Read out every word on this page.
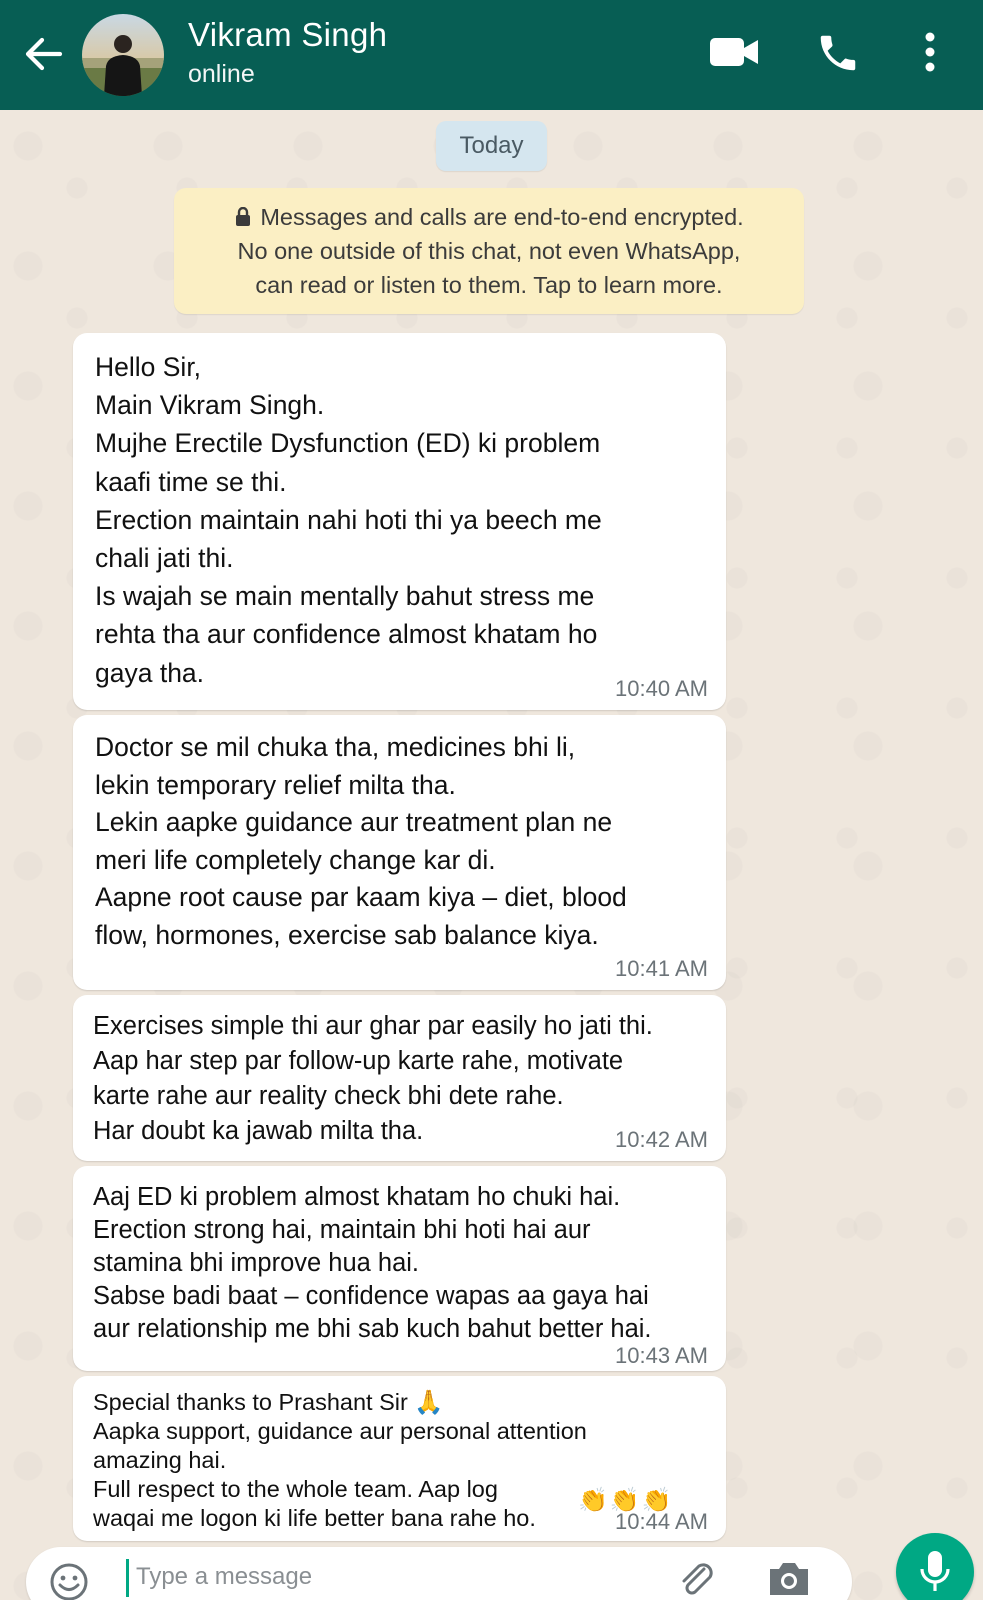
Vikram Singh
online
Today
Messages and calls are end-to-end encrypted.
No one outside of this chat, not even WhatsApp,
can read or listen to them. Tap to learn more.
Hello Sir,
Main Vikram Singh.
Mujhe Erectile Dysfunction (ED) ki problem
kaafi time se thi.
Erection maintain nahi hoti thi ya beech me
chali jati thi.
Is wajah se main mentally bahut stress me
rehta tha aur confidence almost khatam ho
gaya tha.
10:40 AM
Doctor se mil chuka tha, medicines bhi li,
lekin temporary relief milta tha.
Lekin aapke guidance aur treatment plan ne
meri life completely change kar di.
Aapne root cause par kaam kiya – diet, blood
flow, hormones, exercise sab balance kiya.
10:41 AM
Exercises simple thi aur ghar par easily ho jati thi.
Aap har step par follow-up karte rahe, motivate
karte rahe aur reality check bhi dete rahe.
Har doubt ka jawab milta tha.	10:42 AM
Aaj ED ki problem almost khatam ho chuki hai.
Erection strong hai, maintain bhi hoti hai aur
stamina bhi improve hua hai.
Sabse badi baat – confidence wapas aa gaya hai
aur relationship me bhi sab kuch bahut better hai.
10:43 AM
Special thanks to Prashant Sir 🙏
Aapka support, guidance aur personal attention
amazing hai.
Full respect to the whole team. Aap log
waqai me logon ki life better bana rahe ho.
👏👏👏
10:44 AM
Type a message
